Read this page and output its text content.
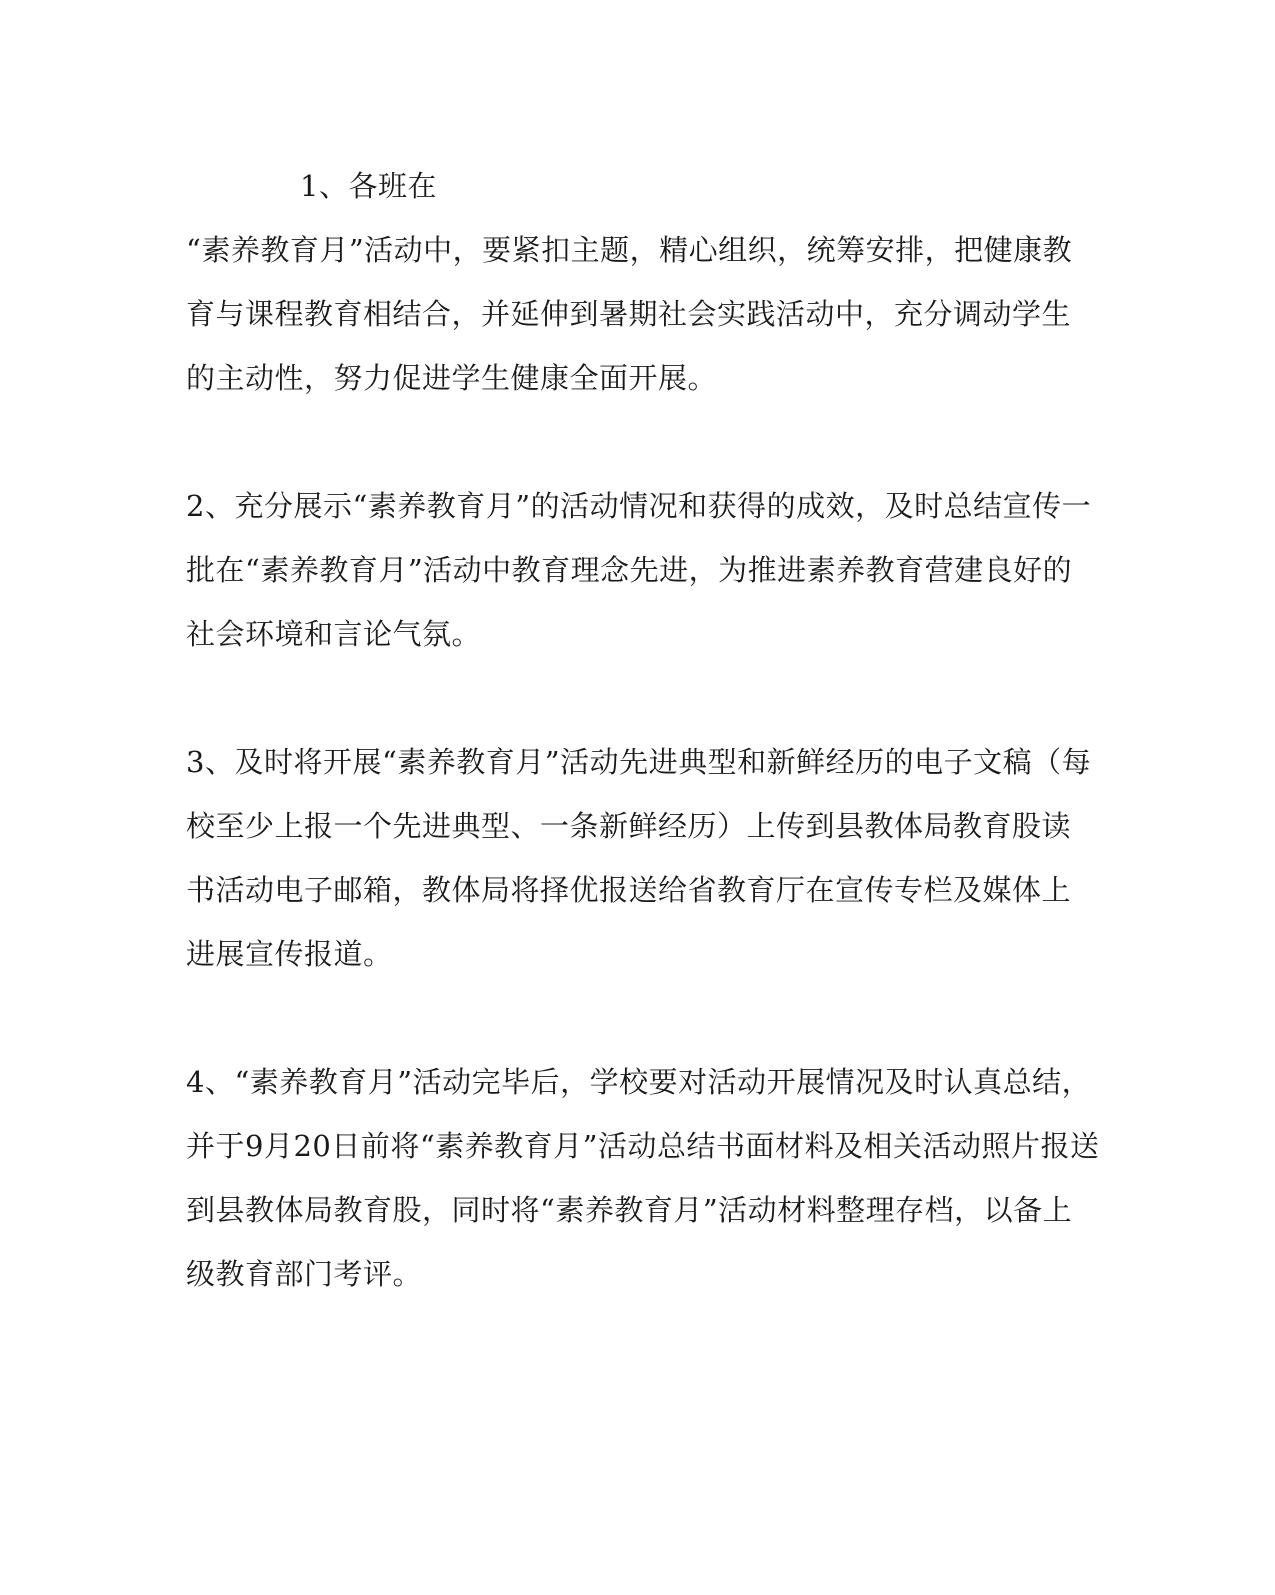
1、各班在
“素养教育月”活动中，要紧扣主题，精心组织，统筹安排，把健康教
育与课程教育相结合，并延伸到暑期社会实践活动中，充分调动学生
的主动性，努力促进学生健康全面开展。
2、充分展示“素养教育月”的活动情况和获得的成效，及时总结宣传一
批在“素养教育月”活动中教育理念先进，为推进素养教育营建良好的
社会环境和言论气氛。
3、及时将开展“素养教育月”活动先进典型和新鲜经历的电子文稿（每
校至少上报一个先进典型、一条新鲜经历）上传到县教体局教育股读
书活动电子邮箱，教体局将择优报送给省教育厅在宣传专栏及媒体上
进展宣传报道。
4、“素养教育月”活动完毕后，学校要对活动开展情况及时认真总结，
并于9月20日前将“素养教育月”活动总结书面材料及相关活动照片报送
到县教体局教育股，同时将“素养教育月”活动材料整理存档，以备上
级教育部门考评。
